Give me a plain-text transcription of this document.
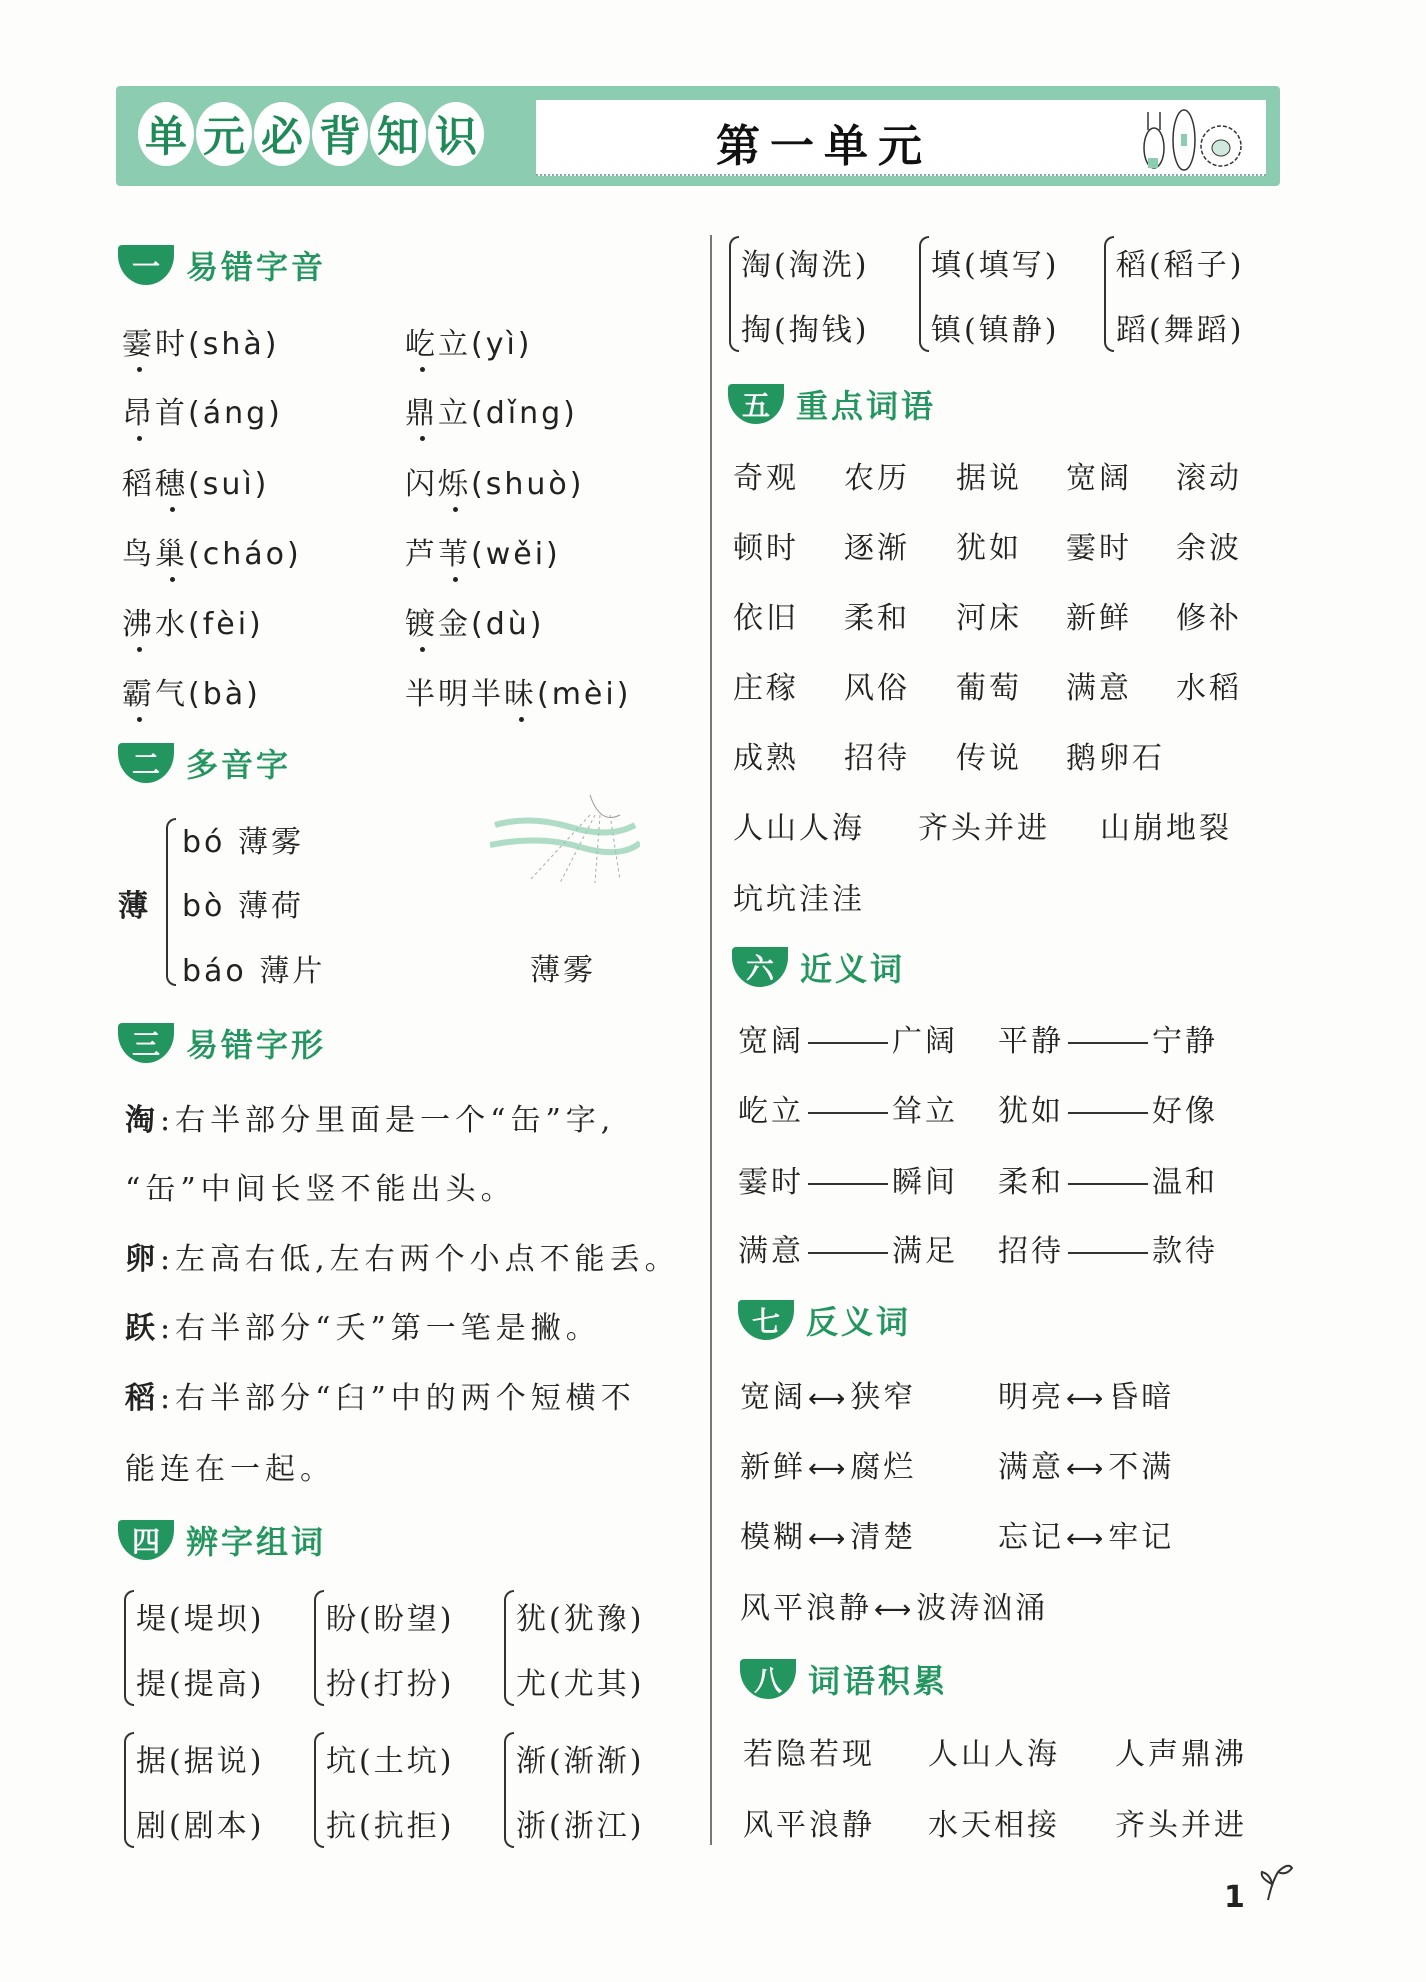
单 元 必 背 知 识	第一单元
一 易错字音
霎时(shà)	屹立(yì)
昂首(áng)	鼎立(dǐng)
稻穗(suì)	闪烁(shuò)
鸟巢(cháo)	芦苇(wěi)
沸水(fèi)	镀金(dù)
霸气(bà)	半明半昧(mèi)
二 多音字
薄
bó 薄雾
bò 薄荷
báo 薄片	薄雾
三 易错字形
淘:右半部分里面是一个“缶”字,
“缶”中间长竖不能出头。
卵:左高右低,左右两个小点不能丢。
跃:右半部分“夭”第一笔是撇。
稻:右半部分“臼”中的两个短横不
能连在一起。
四 辨字组词
堤(堤坝)
提(提高)
盼(盼望)
扮(打扮)
犹(犹豫)
尤(尤其)
据(据说)
剧(剧本)
坑(土坑)
抗(抗拒)
渐(渐渐)
浙(浙江)
淘(淘洗)
掏(掏钱)
填(填写)
镇(镇静)
稻(稻子)
蹈(舞蹈)
五 重点词语
奇观 农历 据说 宽阔 滚动
顿时 逐渐 犹如 霎时 余波
依旧 柔和 河床 新鲜 修补
庄稼 风俗 葡萄 满意 水稻
成熟 招待 传说 鹅卵石
人山人海 齐头并进 山崩地裂
坑坑洼洼
六 近义词
宽阔	广阔 平静	宁静
屹立	耸立 犹如	好像
霎时	瞬间 柔和	温和
满意	满足 招待	款待
七 反义词
宽阔⟷狭窄	明亮⟷昏暗
新鲜⟷腐烂	满意⟷不满
模糊⟷清楚	忘记⟷牢记
风平浪静⟷波涛汹涌
八 词语积累
若隐若现 人山人海 人声鼎沸
风平浪静 水天相接 齐头并进
1
